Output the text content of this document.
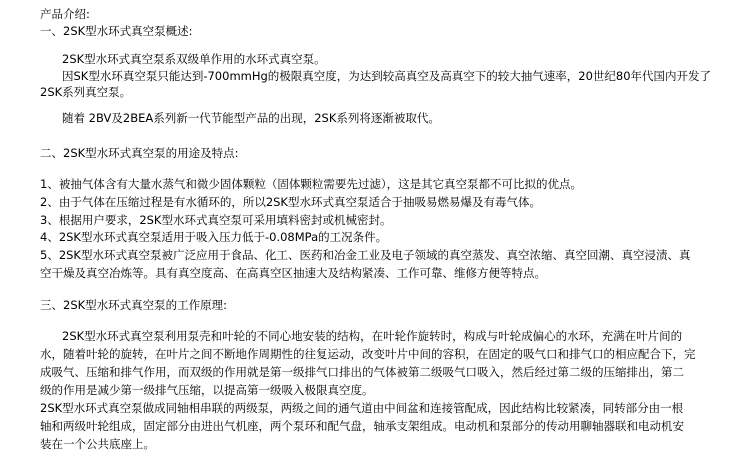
产品介绍:
一、2SK型水环式真空泵概述:
2SK型水环式真空泵系双级单作用的水环式真空泵。
因SK型水环真空泵只能达到-700mmHg的极限真空度，为达到较高真空及高真空下的较大抽气速率，20世纪80年代国内开发了
2SK系列真空泵。
随着 2BV及2BEA系列新一代节能型产品的出现，2SK系列将逐渐被取代。
二、2SK型水环式真空泵的用途及特点:
1、被抽气体含有大量水蒸气和微少固体颗粒（固体颗粒需要先过滤），这是其它真空泵都不可比拟的优点。
2、由于气体在压缩过程是有水循环的，所以2SK型水环式真空泵适合于抽吸易燃易爆及有毒气体。
3、根据用户要求，2SK型水环式真空泵可采用填料密封或机械密封。
4、2SK型水环式真空泵适用于吸入压力低于-0.08MPa的工况条件。
5、2SK型水环式真空泵被广泛应用于食品、化工、医药和冶金工业及电子领域的真空蒸发、真空浓缩、真空回潮、真空浸渍、真
空干燥及真空冶炼等。具有真空度高、在高真空区抽速大及结构紧凑、工作可靠、维修方便等特点。
三、2SK型水环式真空泵的工作原理:
2SK型水环式真空泵利用泵壳和叶轮的不同心地安装的结构，在叶轮作旋转时，构成与叶轮成偏心的水环，充满在叶片间的
水，随着叶轮的旋转，在叶片之间不断地作周期性的往复运动，改变叶片中间的容积，在固定的吸气口和排气口的相应配合下，完
成吸气、压缩和排气作用，而双级的作用就是第一级排气口排出的气体被第二级吸气口吸入，然后经过第二级的压缩排出，第二
级的作用是减少第一级排气压缩，以提高第一级吸入极限真空度。
2SK型水环式真空泵做成同轴相串联的两级泵，两级之间的通气道由中间盆和连接管配成，因此结构比较紧凑，同转部分由一根
轴和两级叶轮组成，固定部分由进出气机座，两个泵环和配气盘，轴承支架组成。电动机和泵部分的传动用聊轴器联和电动机安
装在一个公共底座上。
